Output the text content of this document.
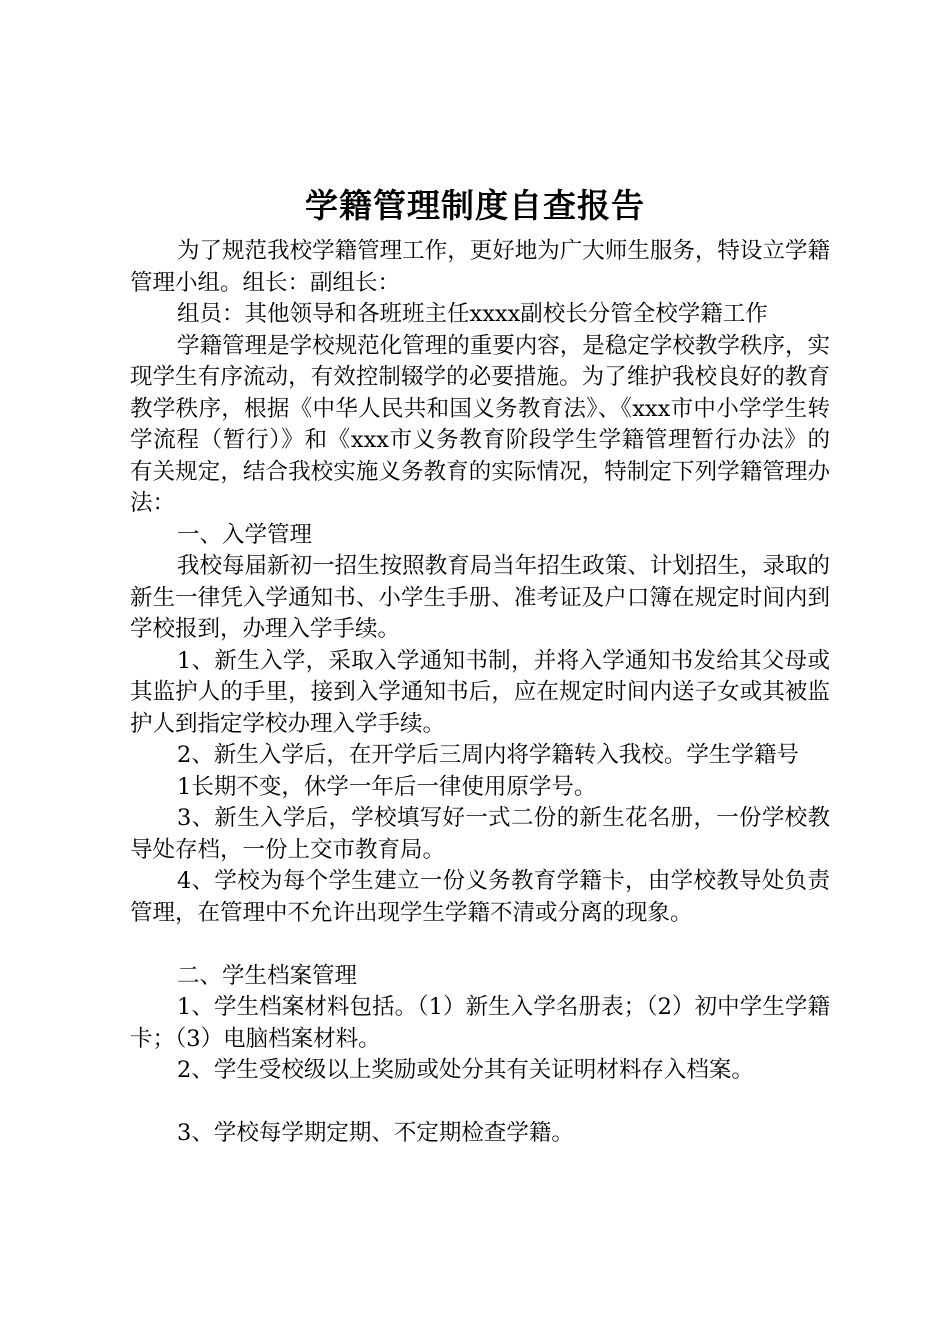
学籍管理制度自查报告

为了规范我校学籍管理工作，更好地为广大师生服务，特设立学籍管理小组。组长：副组长：

组员：其他领导和各班班主任xxxx副校长分管全校学籍工作

学籍管理是学校规范化管理的重要内容，是稳定学校教学秩序，实现学生有序流动，有效控制辍学的必要措施。为了维护我校良好的教育教学秩序，根据《中华人民共和国义务教育法》、《xxx市中小学学生转学流程（暂行）》和《xxx市义务教育阶段学生学籍管理暂行办法》的有关规定，结合我校实施义务教育的实际情况，特制定下列学籍管理办法：

一、入学管理

我校每届新初一招生按照教育局当年招生政策、计划招生，录取的新生一律凭入学通知书、小学生手册、准考证及户口簿在规定时间内到学校报到，办理入学手续。

1、新生入学，采取入学通知书制，并将入学通知书发给其父母或其监护人的手里，接到入学通知书后，应在规定时间内送子女或其被监护人到指定学校办理入学手续。

2、新生入学后，在开学后三周内将学籍转入我校。学生学籍号

1长期不变，休学一年后一律使用原学号。

3、新生入学后，学校填写好一式二份的新生花名册，一份学校教导处存档，一份上交市教育局。

4、学校为每个学生建立一份义务教育学籍卡，由学校教导处负责管理，在管理中不允许出现学生学籍不清或分离的现象。

二、学生档案管理

1、学生档案材料包括。（1）新生入学名册表；（2）初中学生学籍卡；（3）电脑档案材料。

2、学生受校级以上奖励或处分其有关证明材料存入档案。

3、学校每学期定期、不定期检查学籍。
